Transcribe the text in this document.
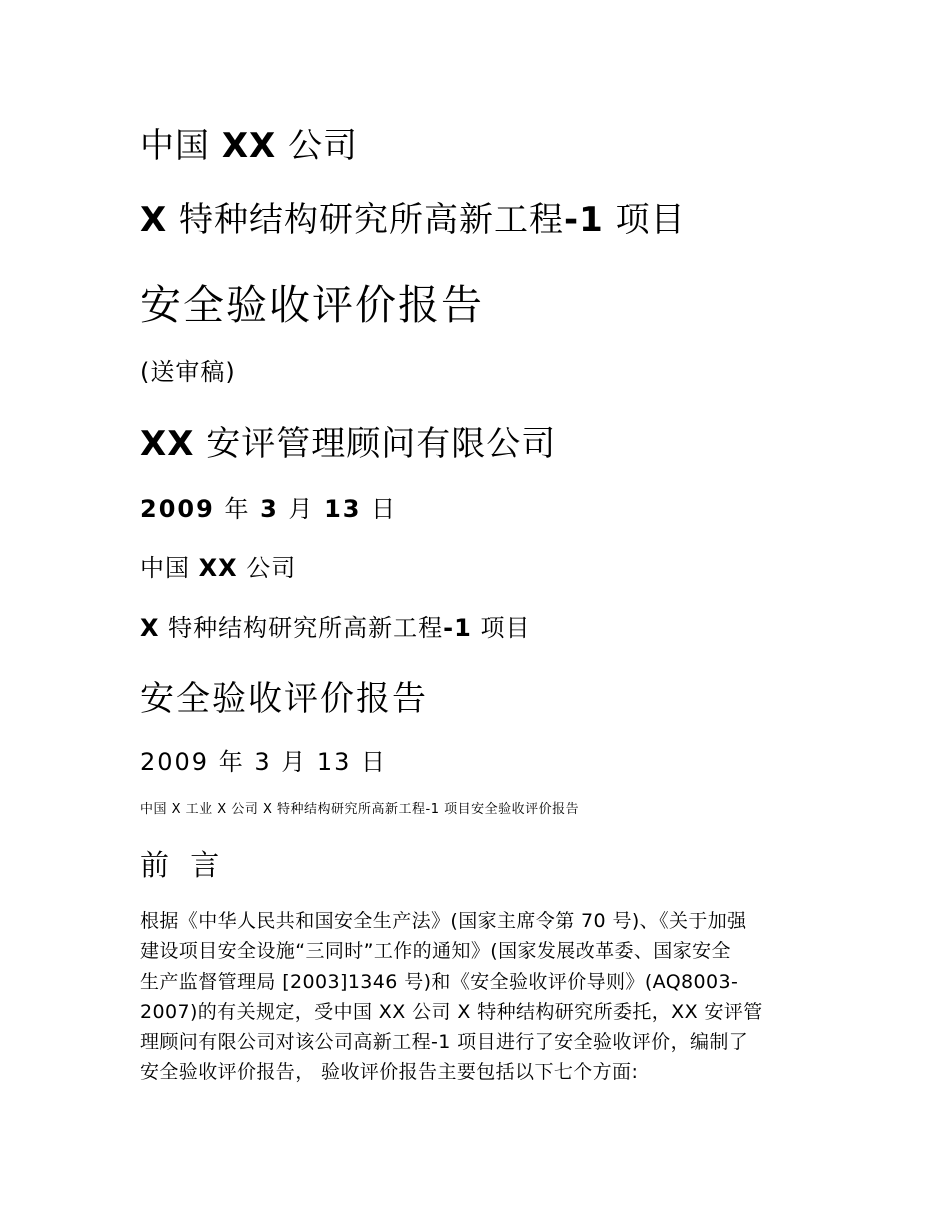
中国 XX 公司
X 特种结构研究所高新工程-1 项目
安全验收评价报告
(送审稿)
XX 安评管理顾问有限公司
2009 年 3 月 13 日
中国 XX 公司
X 特种结构研究所高新工程-1 项目
安全验收评价报告
2009 年 3 月 13 日
中国 X 工业 X 公司 X 特种结构研究所高新工程-1 项目安全验收评价报告
前 言
根据《中华人民共和国安全生产法》(国家主席令第 70 号)、《关于加强
建设项目安全设施“三同时”工作的通知》(国家发展改革委、国家安全
生产监督管理局 [2003]1346 号)和《安全验收评价导则》(AQ8003-
2007)的有关规定，受中国 XX 公司 X 特种结构研究所委托，XX 安评管
理顾问有限公司对该公司高新工程-1 项目进行了安全验收评价，编制了
安全验收评价报告， 验收评价报告主要包括以下七个方面:
